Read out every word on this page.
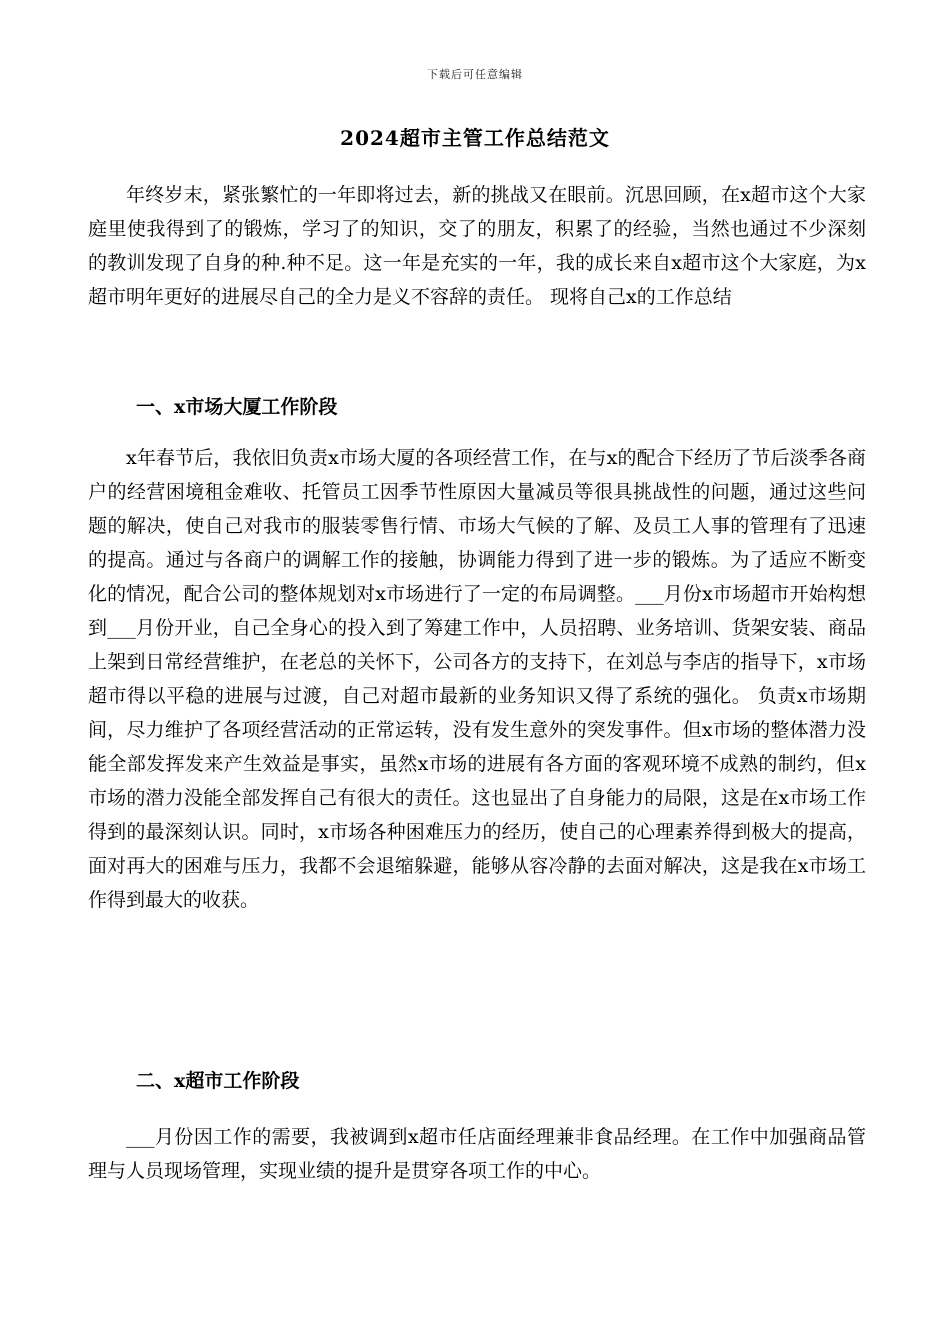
下载后可任意编辑
2024超市主管工作总结范文

年终岁末，紧张繁忙的一年即将过去，新的挑战又在眼前。沉思回顾，在x超市这个大家庭里使我得到了的锻炼，学习了的知识，交了的朋友，积累了的经验，当然也通过不少深刻的教训发现了自身的种.种不足。这一年是充实的一年，我的成长来自x超市这个大家庭，为x超市明年更好的进展尽自己的全力是义不容辞的责任。 现将自己x的工作总结

一、x市场大厦工作阶段

x年春节后，我依旧负责x市场大厦的各项经营工作，在与x的配合下经历了节后淡季各商户的经营困境租金难收、托管员工因季节性原因大量减员等很具挑战性的问题，通过这些问题的解决，使自己对我市的服装零售行情、市场大气候的了解、及员工人事的管理有了迅速的提高。通过与各商户的调解工作的接触，协调能力得到了进一步的锻炼。为了适应不断变化的情况，配合公司的整体规划对x市场进行了一定的布局调整。___月份x市场超市开始构想到___月份开业，自己全身心的投入到了筹建工作中，人员招聘、业务培训、货架安装、商品上架到日常经营维护，在老总的关怀下，公司各方的支持下，在刘总与李店的指导下，x市场超市得以平稳的进展与过渡，自己对超市最新的业务知识又得了系统的强化。 负责x市场期间，尽力维护了各项经营活动的正常运转，没有发生意外的突发事件。但x市场的整体潜力没能全部发挥发来产生效益是事实，虽然x市场的进展有各方面的客观环境不成熟的制约，但x市场的潜力没能全部发挥自己有很大的责任。这也显出了自身能力的局限，这是在x市场工作得到的最深刻认识。同时，x市场各种困难压力的经历，使自己的心理素养得到极大的提高，面对再大的困难与压力，我都不会退缩躲避，能够从容冷静的去面对解决，这是我在x市场工作得到最大的收获。

二、x超市工作阶段

___月份因工作的需要，我被调到x超市任店面经理兼非食品经理。在工作中加强商品管理与人员现场管理，实现业绩的提升是贯穿各项工作的中心。
